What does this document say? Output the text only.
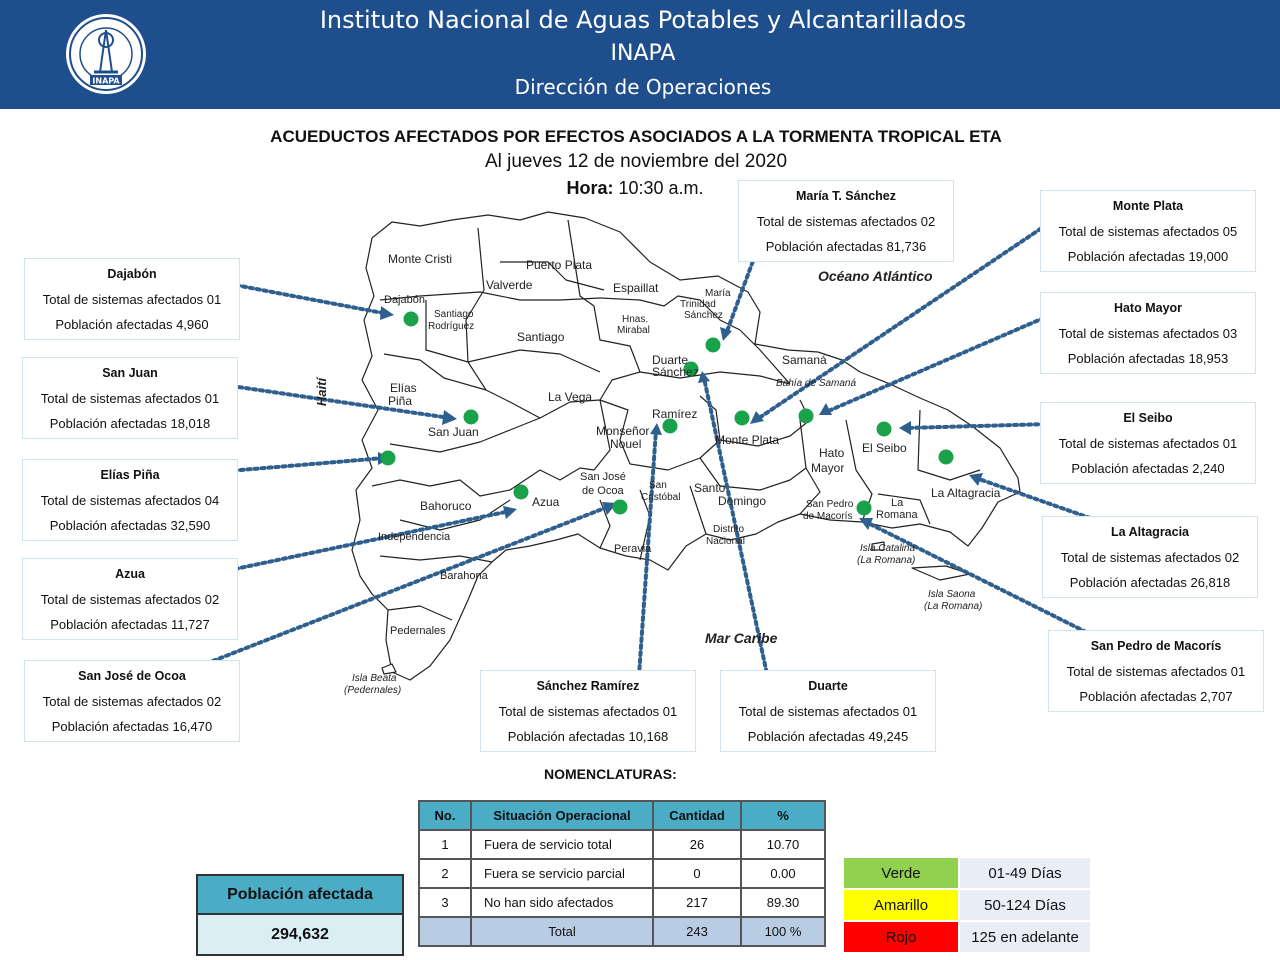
INAPA
Instituto Nacional de Aguas Potables y Alcantarillados
INAPA
Dirección de Operaciones
ACUEDUCTOS AFECTADOS POR EFECTOS ASOCIADOS A LA TORMENTA TROPICAL ETA
Al jueves 12 de noviembre del 2020
Hora: 10:30 a.m.
Monte Cristi	Puerto Plata
Valverde	Espaillat	María
Trinidad
Sánchez
Dajabón
Santiago
Rodríguez
Santiago
Hnas.
Mirabal
Duarte	Samaná
Bahía de Samaná
Elías
Piña	La Vega
Sánchez
Ramírez
San Juan	Monseñor
Nouel	Monte Plata
Hato
Mayor
El Seibo
La Altagracia
San José
de Ocoa	San
Cristóbal
Santo
Domingo
Distrito
Nacional
Bahoruco	Azua
Independencia
Peravia
San Pedro
de Macorís
La
Romana
Barahona
Pedernales
Isla Catalina
(La Romana)
Isla Saona
(La Romana)
Isla Beata
(Pedernales)
Haití
Océano Atlántico
Mar Caribe
María T. Sánchez
Total de sistemas afectados 02
Población afectadas 81,736
Monte Plata
Total de sistemas afectados 05
Población afectadas 19,000
Hato Mayor
Total de sistemas afectados 03
Población afectadas 18,953
El Seibo
Total de sistemas afectados 01
Población afectadas 2,240
La Altagracia
Total de sistemas afectados 02
Población afectadas 26,818
San Pedro de Macorís
Total de sistemas afectados 01
Población afectadas 2,707
Duarte
Total de sistemas afectados 01
Población afectadas 49,245
Sánchez Ramírez
Total de sistemas afectados 01
Población afectadas 10,168
San José de Ocoa
Total de sistemas afectados 02
Población afectadas 16,470
Azua
Total de sistemas afectados 02
Población afectadas 11,727
Elías Piña
Total de sistemas afectados 04
Población afectadas 32,590
San Juan
Total de sistemas afectados 01
Población afectadas 18,018
Dajabón
Total de sistemas afectados 01
Población afectadas 4,960
NOMENCLATURAS:
No.	Situación Operacional	Cantidad	%
1	Fuera de servicio total	26	10.70
2	Fuera se servicio parcial	0	0.00
3	No han sido afectados	217	89.30
	Total	243	100 %
Población afectada
294,632
Verde	01-49 Días
Amarillo	50-124 Días
Rojo	125 en adelante
